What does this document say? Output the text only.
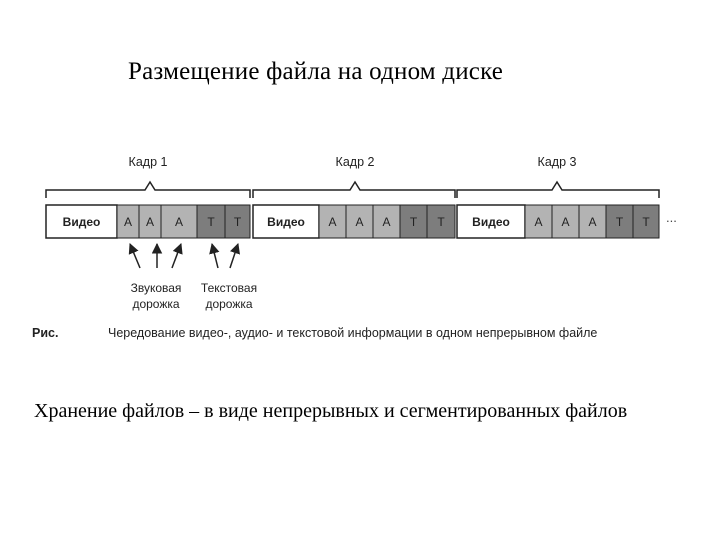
Размещение файла на одном диске
Кадр 1
Видео A A A T T
Кадр 2
Видео A A A T T
Кадр 3
Видео A A A T T ...
Звуковая
дорожка
Текстовая
дорожка
Рис.	Чередование видео-, аудио- и текстовой информации в одном непрерывном файле
Хранение файлов – в виде непрерывных и сегментированных файлов
